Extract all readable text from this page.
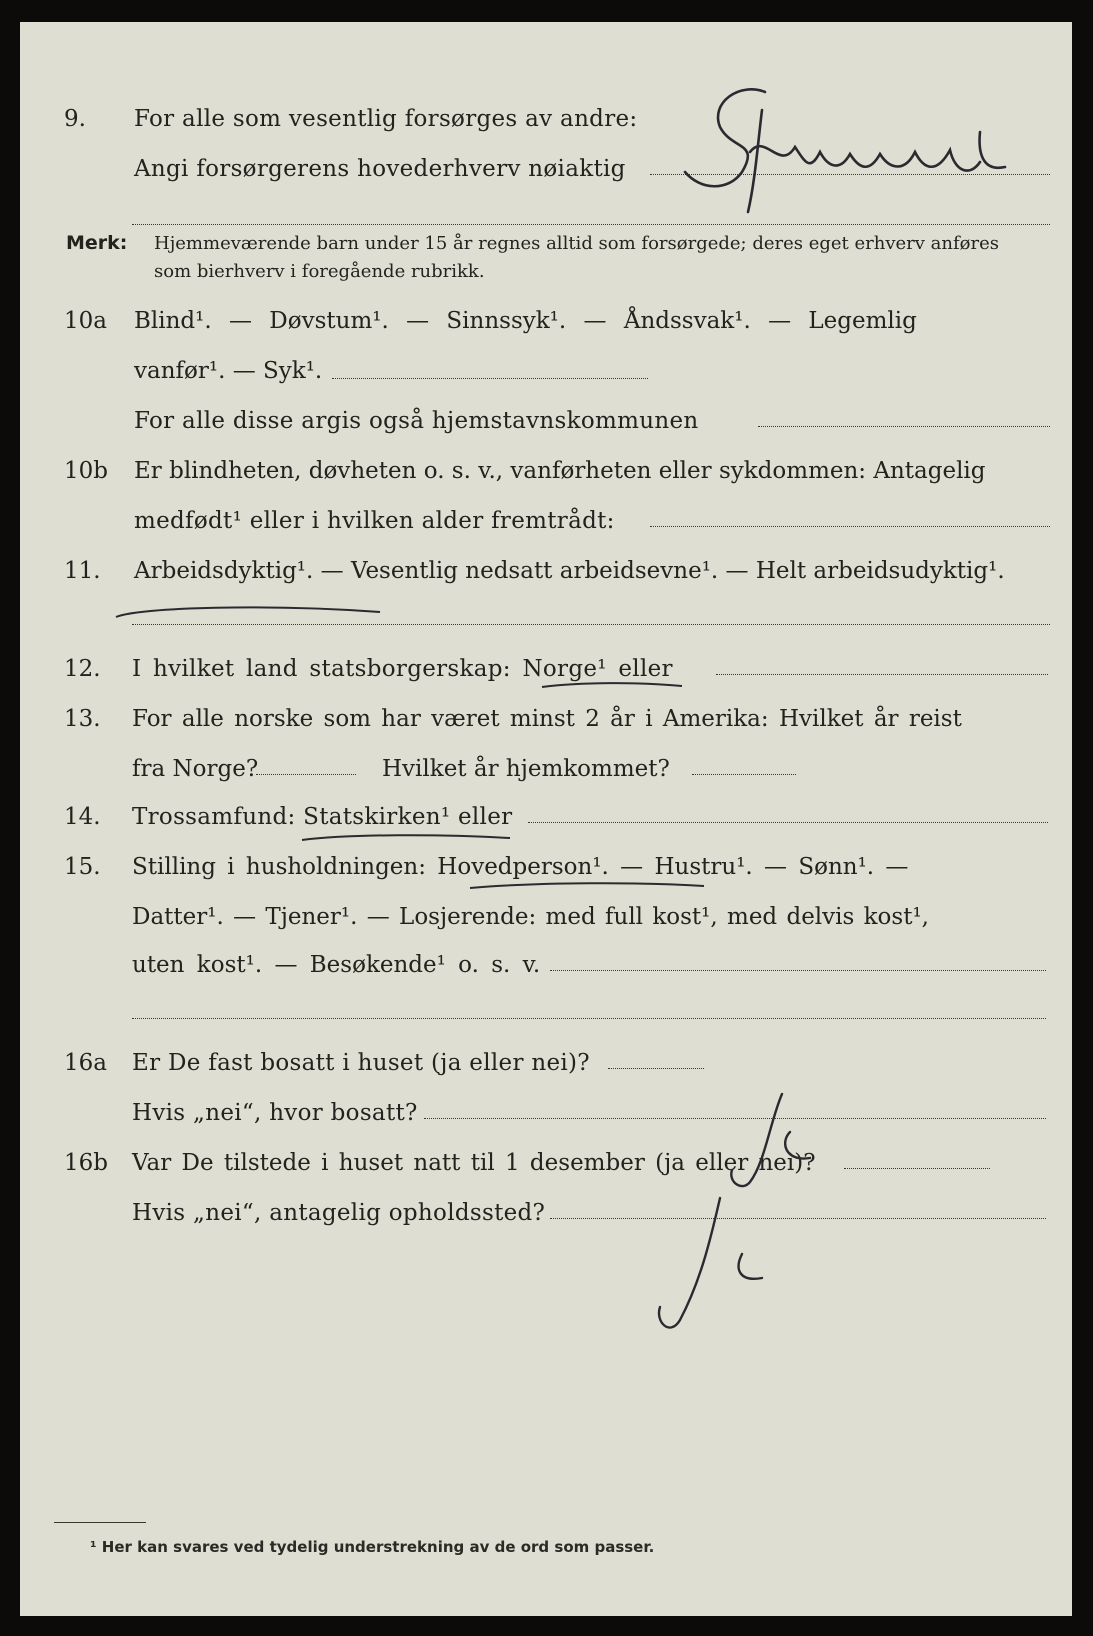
9.	For alle som vesentlig forsørges av andre:
Angi forsørgerens hovederhverv nøiaktig
Merk: Hjemmeværende barn under 15 år regnes alltid som forsørgede; deres eget erhverv anføres som bierhverv i foregående rubrikk.
10a	Blind¹. — Døvstum¹. — Sinnssyk¹. — Åndssvak¹. — Legemlig
vanfør¹. — Syk¹.
For alle disse argis også hjemstavnskommunen
10b	Er blindheten, døvheten o. s. v., vanførheten eller sykdommen: Antagelig
medfødt¹ eller i hvilken alder fremtrådt:
11.	Arbeidsdyktig¹. — Vesentlig nedsatt arbeidsevne¹. — Helt arbeidsudyktig¹.
12.	I hvilket land statsborgerskap: Norge¹ eller
13.	For alle norske som har været minst 2 år i Amerika: Hvilket år reist
fra Norge?	Hvilket år hjemkommet?
14.	Trossamfund: Statskirken¹ eller
15.	Stilling i husholdningen: Hovedperson¹. — Hustru¹. — Sønn¹. —
Datter¹. — Tjener¹. — Losjerende: med full kost¹, med delvis kost¹,
uten kost¹. — Besøkende¹ o. s. v.
16a	Er De fast bosatt i huset (ja eller nei)?
Hvis „nei“, hvor bosatt?
16b	Var De tilstede i huset natt til 1 desember (ja eller nei)?
Hvis „nei“, antagelig opholdssted?
¹ Her kan svares ved tydelig understrekning av de ord som passer.
